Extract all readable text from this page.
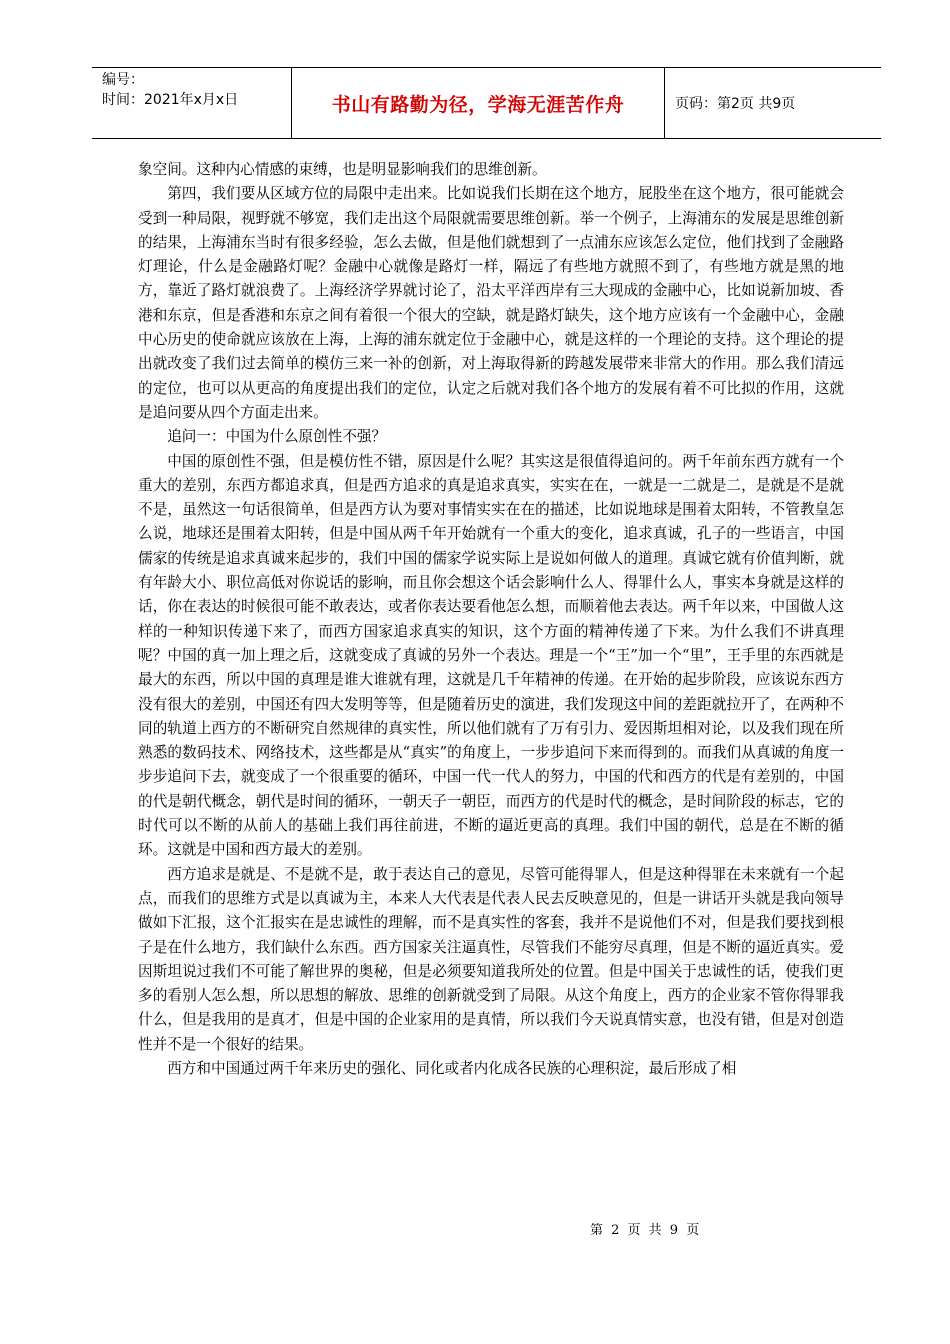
编号：
时间：2021年x月x日	书山有路勤为径，学海无涯苦作舟	页码：第2页 共9页

象空间。这种内心情感的束缚，也是明显影响我们的思维创新。

第四，我们要从区域方位的局限中走出来。比如说我们长期在这个地方，屁股坐在这个地方，很可能就会受到一种局限，视野就不够宽，我们走出这个局限就需要思维创新。举一个例子，上海浦东的发展是思维创新的结果，上海浦东当时有很多经验，怎么去做，但是他们就想到了一点浦东应该怎么定位，他们找到了金融路灯理论，什么是金融路灯呢？金融中心就像是路灯一样，隔远了有些地方就照不到了，有些地方就是黑的地方，靠近了路灯就浪费了。上海经济学界就讨论了，沿太平洋西岸有三大现成的金融中心，比如说新加坡、香港和东京，但是香港和东京之间有着很一个很大的空缺，就是路灯缺失，这个地方应该有一个金融中心，金融中心历史的使命就应该放在上海，上海的浦东就定位于金融中心，就是这样的一个理论的支持。这个理论的提出就改变了我们过去简单的模仿三来一补的创新，对上海取得新的跨越发展带来非常大的作用。那么我们清远的定位，也可以从更高的角度提出我们的定位，认定之后就对我们各个地方的发展有着不可比拟的作用，这就是追问要从四个方面走出来。

追问一：中国为什么原创性不强？

中国的原创性不强，但是模仿性不错，原因是什么呢？其实这是很值得追问的。两千年前东西方就有一个重大的差别，东西方都追求真，但是西方追求的真是追求真实，实实在在，一就是一二就是二，是就是不是就不是，虽然这一句话很简单，但是西方认为要对事情实实在在的描述，比如说地球是围着太阳转，不管教皇怎么说，地球还是围着太阳转，但是中国从两千年开始就有一个重大的变化，追求真诚，孔子的一些语言，中国儒家的传统是追求真诚来起步的，我们中国的儒家学说实际上是说如何做人的道理。真诚它就有价值判断，就有年龄大小、职位高低对你说话的影响，而且你会想这个话会影响什么人、得罪什么人，事实本身就是这样的话，你在表达的时候很可能不敢表达，或者你表达要看他怎么想，而顺着他去表达。两千年以来，中国做人这样的一种知识传递下来了，而西方国家追求真实的知识，这个方面的精神传递了下来。为什么我们不讲真理呢？中国的真一加上理之后，这就变成了真诚的另外一个表达。理是一个“王”加一个“里”，王手里的东西就是最大的东西，所以中国的真理是谁大谁就有理，这就是几千年精神的传递。在开始的起步阶段，应该说东西方没有很大的差别，中国还有四大发明等等，但是随着历史的演进，我们发现这中间的差距就拉开了，在两种不同的轨道上西方的不断研究自然规律的真实性，所以他们就有了万有引力、爱因斯坦相对论，以及我们现在所熟悉的数码技术、网络技术，这些都是从“真实”的角度上，一步步追问下来而得到的。而我们从真诚的角度一步步追问下去，就变成了一个很重要的循环，中国一代一代人的努力，中国的代和西方的代是有差别的，中国的代是朝代概念，朝代是时间的循环，一朝天子一朝臣，而西方的代是时代的概念，是时间阶段的标志，它的时代可以不断的从前人的基础上我们再往前进，不断的逼近更高的真理。我们中国的朝代，总是在不断的循环。这就是中国和西方最大的差别。

西方追求是就是、不是就不是，敢于表达自己的意见，尽管可能得罪人，但是这种得罪在未来就有一个起点，而我们的思维方式是以真诚为主，本来人大代表是代表人民去反映意见的，但是一讲话开头就是我向领导做如下汇报，这个汇报实在是忠诚性的理解，而不是真实性的客套，我并不是说他们不对，但是我们要找到根子是在什么地方，我们缺什么东西。西方国家关注逼真性，尽管我们不能穷尽真理，但是不断的逼近真实。爱因斯坦说过我们不可能了解世界的奥秘，但是必须要知道我所处的位置。但是中国关于忠诚性的话，使我们更多的看别人怎么想，所以思想的解放、思维的创新就受到了局限。从这个角度上，西方的企业家不管你得罪我什么，但是我用的是真才，但是中国的企业家用的是真情，所以我们今天说真情实意，也没有错，但是对创造性并不是一个很好的结果。

西方和中国通过两千年来历史的强化、同化或者内化成各民族的心理积淀，最后形成了相

第 2 页 共 9 页
